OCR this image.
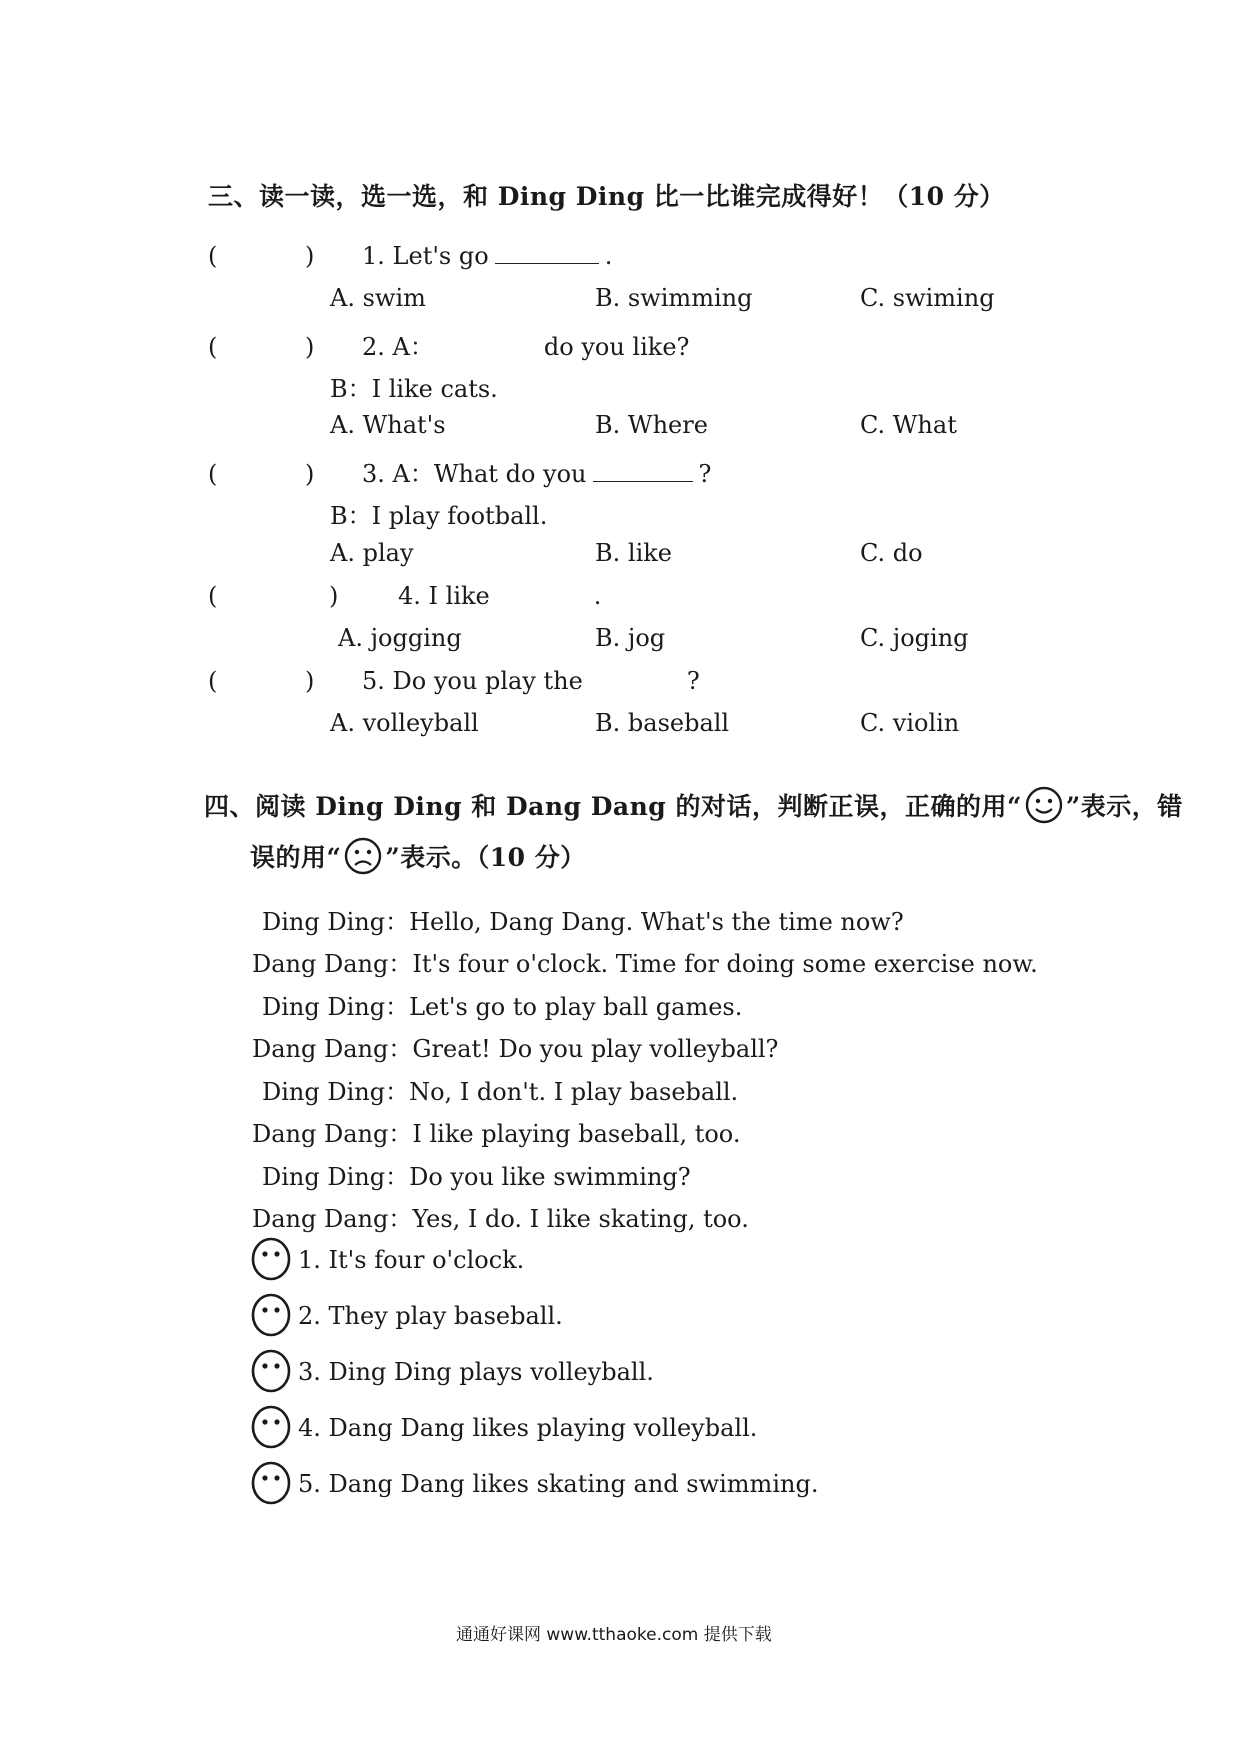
三、读一读，选一选，和 Ding Ding 比一比谁完成得好！（10 分）
( ) 1. Let's go	.
A. swim	B. swimming	C. swiming
( ) 2. A：	do you like?
B：I like cats.
A. What's	B. Where	C. What
( ) 3. A：What do you	?
B：I play football.
A. play	B. like	C. do
( ) 4. I like	.
A. jogging	B. jog	C. joging
( ) 5. Do you play the	?
A. volleyball	B. baseball	C. violin
四、阅读 Ding Ding 和 Dang Dang 的对话，判断正误，正确的用“ ”表示，错
误的用“ ”表示。（10 分）
Ding Ding：Hello, Dang Dang. What's the time now?
Dang Dang：It's four o'clock. Time for doing some exercise now.
Ding Ding：Let's go to play ball games.
Dang Dang：Great! Do you play volleyball?
Ding Ding：No, I don't. I play baseball.
Dang Dang：I like playing baseball, too.
Ding Ding：Do you like swimming?
Dang Dang：Yes, I do. I like skating, too.
1. It's four o'clock.
2. They play baseball.
3. Ding Ding plays volleyball.
4. Dang Dang likes playing volleyball.
5. Dang Dang likes skating and swimming.
通通好课网 www.tthaoke.com 提供下载
